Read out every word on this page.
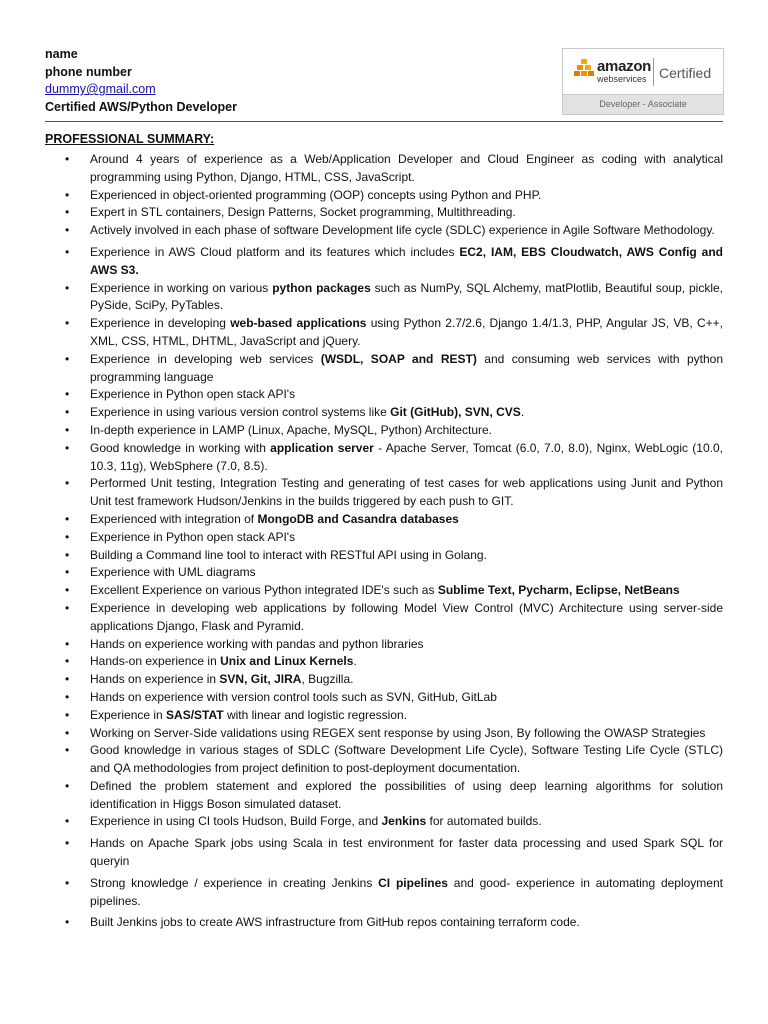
name
phone number
dummy@gmail.com
Certified AWS/Python Developer
amazon
webservices Certified
Developer - Associate
PROFESSIONAL SUMMARY:
• Around 4 years of experience as a Web/Application Developer and Cloud Engineer as coding with analytical programming using Python, Django, HTML, CSS, JavaScript.
• Experienced in object-oriented programming (OOP) concepts using Python and PHP.
• Expert in STL containers, Design Patterns, Socket programming, Multithreading.
• Actively involved in each phase of software Development life cycle (SDLC) experience in Agile Software Methodology.
• Experience in AWS Cloud platform and its features which includes EC2, IAM, EBS Cloudwatch, AWS Config and AWS S3.
• Experience in working on various python packages such as NumPy, SQL Alchemy, matPlotlib, Beautiful soup, pickle, PySide, SciPy, PyTables.
• Experience in developing web-based applications using Python 2.7/2.6, Django 1.4/1.3, PHP, Angular JS, VB, C++, XML, CSS, HTML, DHTML, JavaScript and jQuery.
• Experience in developing web services (WSDL, SOAP and REST) and consuming web services with python programming language
• Experience in Python open stack API's
• Experience in using various version control systems like Git (GitHub), SVN, CVS.
• In-depth experience in LAMP (Linux, Apache, MySQL, Python) Architecture.
• Good knowledge in working with application server - Apache Server, Tomcat (6.0, 7.0, 8.0), Nginx, WebLogic (10.0, 10.3, 11g), WebSphere (7.0, 8.5).
• Performed Unit testing, Integration Testing and generating of test cases for web applications using Junit and Python Unit test framework Hudson/Jenkins in the builds triggered by each push to GIT.
• Experienced with integration of MongoDB and Casandra databases
• Experience in Python open stack API's
• Building a Command line tool to interact with RESTful API using in Golang.
• Experience with UML diagrams
• Excellent Experience on various Python integrated IDE's such as Sublime Text, Pycharm, Eclipse, NetBeans
• Experience in developing web applications by following Model View Control (MVC) Architecture using server-side applications Django, Flask and Pyramid.
• Hands on experience working with pandas and python libraries
• Hands-on experience in Unix and Linux Kernels.
• Hands on experience in SVN, Git, JIRA, Bugzilla.
• Hands on experience with version control tools such as SVN, GitHub, GitLab
• Experience in SAS/STAT with linear and logistic regression.
• Working on Server-Side validations using REGEX sent response by using Json, By following the OWASP Strategies
• Good knowledge in various stages of SDLC (Software Development Life Cycle), Software Testing Life Cycle (STLC) and QA methodologies from project definition to post-deployment documentation.
• Defined the problem statement and explored the possibilities of using deep learning algorithms for solution identification in Higgs Boson simulated dataset.
• Experience in using CI tools Hudson, Build Forge, and Jenkins for automated builds.
• Hands on Apache Spark jobs using Scala in test environment for faster data processing and used Spark SQL for queryin
• Strong knowledge / experience in creating Jenkins CI pipelines and good- experience in automating deployment pipelines.
• Built Jenkins jobs to create AWS infrastructure from GitHub repos containing terraform code.
